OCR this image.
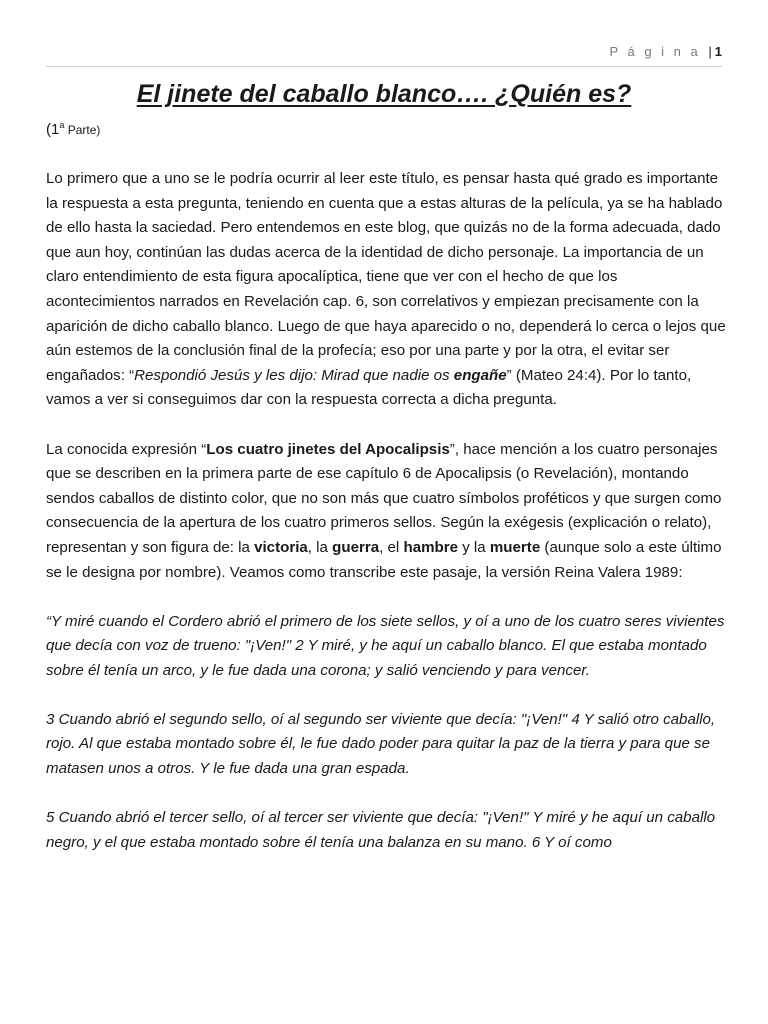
P á g i n a | 1
El jinete del caballo blanco…. ¿Quién es?

(1$^a$ Parte)

Lo primero que a uno se le podría ocurrir al leer este título, es pensar hasta qué grado es importante la respuesta a esta pregunta, teniendo en cuenta que a estas alturas de la película, ya se ha hablado de ello hasta la saciedad. Pero entendemos en este blog, que quizás no de la forma adecuada, dado que aun hoy, continúan las dudas acerca de la identidad de dicho personaje. La importancia de un claro entendimiento de esta figura apocalíptica, tiene que ver con el hecho de que los acontecimientos narrados en Revelación cap. 6, son correlativos y empiezan precisamente con la aparición de dicho caballo blanco. Luego de que haya aparecido o no, dependerá lo cerca o lejos que aún estemos de la conclusión final de la profecía; eso por una parte y por la otra, el evitar ser engañados: “Respondió Jesús y les dijo: Mirad que nadie os engañe” (Mateo 24:4). Por lo tanto, vamos a ver si conseguimos dar con la respuesta correcta a dicha pregunta.

La conocida expresión “Los cuatro jinetes del Apocalipsis”, hace mención a los cuatro personajes que se describen en la primera parte de ese capítulo 6 de Apocalipsis (o Revelación), montando sendos caballos de distinto color, que no son más que cuatro símbolos proféticos y que surgen como consecuencia de la apertura de los cuatro primeros sellos. Según la exégesis (explicación o relato), representan y son figura de: la victoria, la guerra, el hambre y la muerte (aunque solo a este último se le designa por nombre). Veamos como transcribe este pasaje, la versión Reina Valera 1989:

“Y miré cuando el Cordero abrió el primero de los siete sellos, y oí a uno de los cuatro seres vivientes que decía con voz de trueno: "¡Ven!" 2 Y miré, y he aquí un caballo blanco. El que estaba montado sobre él tenía un arco, y le fue dada una corona; y salió venciendo y para vencer.

3 Cuando abrió el segundo sello, oí al segundo ser viviente que decía: "¡Ven!" 4 Y salió otro caballo, rojo. Al que estaba montado sobre él, le fue dado poder para quitar la paz de la tierra y para que se matasen unos a otros. Y le fue dada una gran espada.

5 Cuando abrió el tercer sello, oí al tercer ser viviente que decía: "¡Ven!" Y miré y he aquí un caballo negro, y el que estaba montado sobre él tenía una balanza en su mano. 6 Y oí como
